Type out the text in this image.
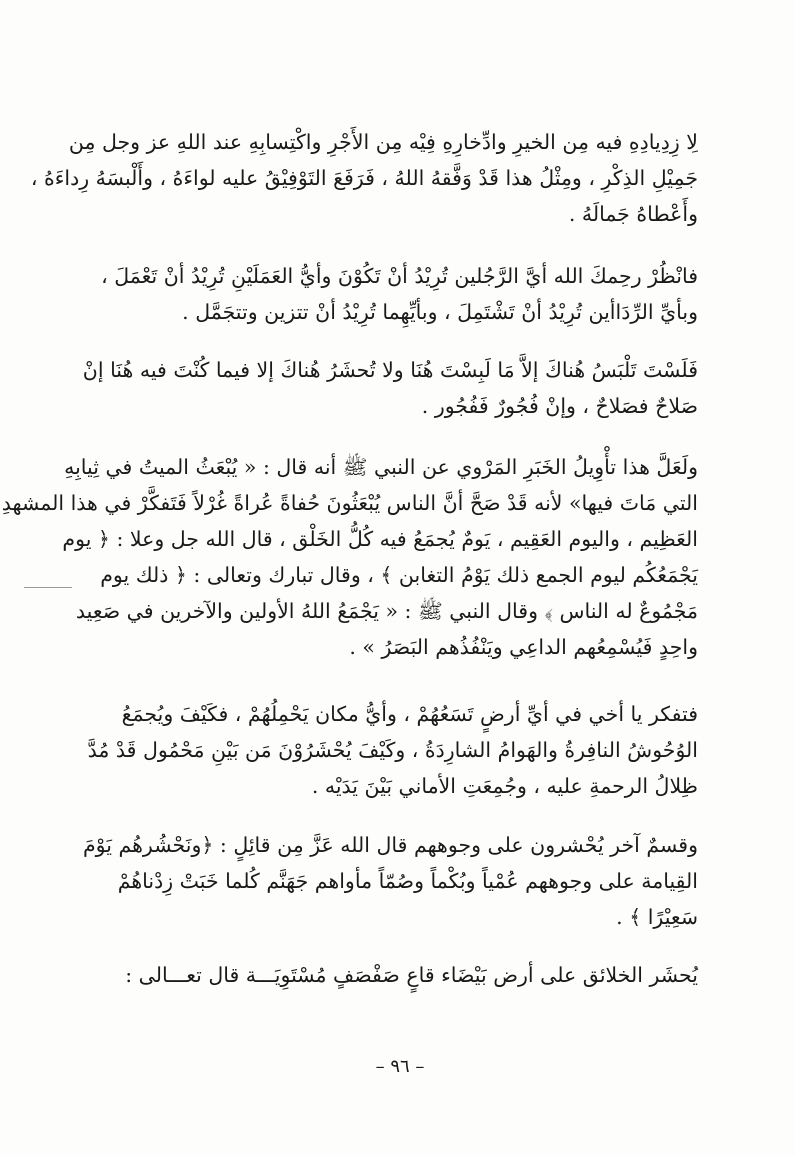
لِا زِدِيادِهِ فيه مِن الخيرِ وادِّخارِهِ فِيْه مِن الأَجْرِ واكْتِسابِهِ عند اللهِ عز وجل مِن
جَمِيْلِ الذِكْرِ ، ومِثْلُ هذا قَدْ وَفَّقهُ اللهُ ، فَرَفَعَ التَوْفِيْقُ عليه لواءَهُ ، وأَلْبسَهُ رِداءَهُ ،
وأَعْطاهُ جَمالَهُ .
فانْظُرْ رحِمكَ الله أيَّ الرَّجُلين تُرِيْدُ أنْ تَكُوْنَ وأيُّ العَمَلَيْنِ تُرِيْدُ أنْ تَعْمَلَ ،
وبأيِّ الرِّدَاأين تُرِيْدُ أنْ تَشْتَمِلَ ، وبأيِّهِما تُرِيْدُ أنْ تتزين وتتجَمَّل .
فَلَسْتَ تَلْبَسُ هُناكَ إلاَّ مَا لَبِسْتَ هُنَا ولا تُحشَرُ هُناكَ إلا فيما كُنْتَ فيه هُنَا إنْ
صَلاحٌ فصَلاحٌ ، وإنْ فُجُورٌ فَفُجُور .
ولَعَلَّ هذا تأْوِيلُ الخَبَرِ المَرْوي عن النبي ﷺ أنه قال : « يُبْعَثُ الميتُ في ثِيابِهِ
التي مَاتَ فيها» لأنه قَدْ صَحَّ أنَّ الناس يُبْعَثُونَ حُفاةً عُراةً غُرْلاً فَتَفكَّرْ في هذا المشهدِ
العَظِيم ، واليوم العَقِيم ، يَومٌ يُجمَعُ فيه كُلُّ الخَلْق ، قال الله جل وعلا : ﴿ يوم
يَجْمَعُكُم ليوم الجمع ذلك يَوْمُ التغابن ﴾ ، وقال تبارك وتعالى : ﴿ ذلك يوم
مَجْمُوعٌ له الناس ﴾ وقال النبي ﷺ : « يَجْمَعُ اللهُ الأولين والآخرين في صَعِيد
واحِدٍ فَيُسْمِعُهم الداعِي ويَنْفُذُهم البَصَرُ » .
فتفكر يا أخي في أيِّ أرضٍ تَسَعُهُمْ ، وأيُّ مكان يَحْمِلُهُمْ ، فكَيْفَ ويُجمَعُ
الوُحُوشُ النافِرةُ والهَوامُ الشارِدَةُ ، وكَيْفَ يُحْشَرُوْنَ مَن بَيْنِ مَحْمُول قَدْ مُدَّ
ظِلالُ الرحمةِ عليه ، وجُمِعَتِ الأماني بَيْنَ يَدَيْه .
وقسمٌ آخر يُحْشرون على وجوههم قال الله عَزَّ مِن قائِلٍ : ﴿ونَحْشُرهُم يَوْمَ
القِيامة على وجوههم عُمْياً وبُكْماً وصُمّاً مأواهم جَهَنَّم كُلما خَبَتْ زِدْناهُمْ
سَعِيْرًا ﴾ .
يُحشَر الخلائق على أرض بَيْضَاء قاعٍ صَفْصَفٍ مُسْتَوِيَـــة قال تعـــالى :
– ٩٦ –
